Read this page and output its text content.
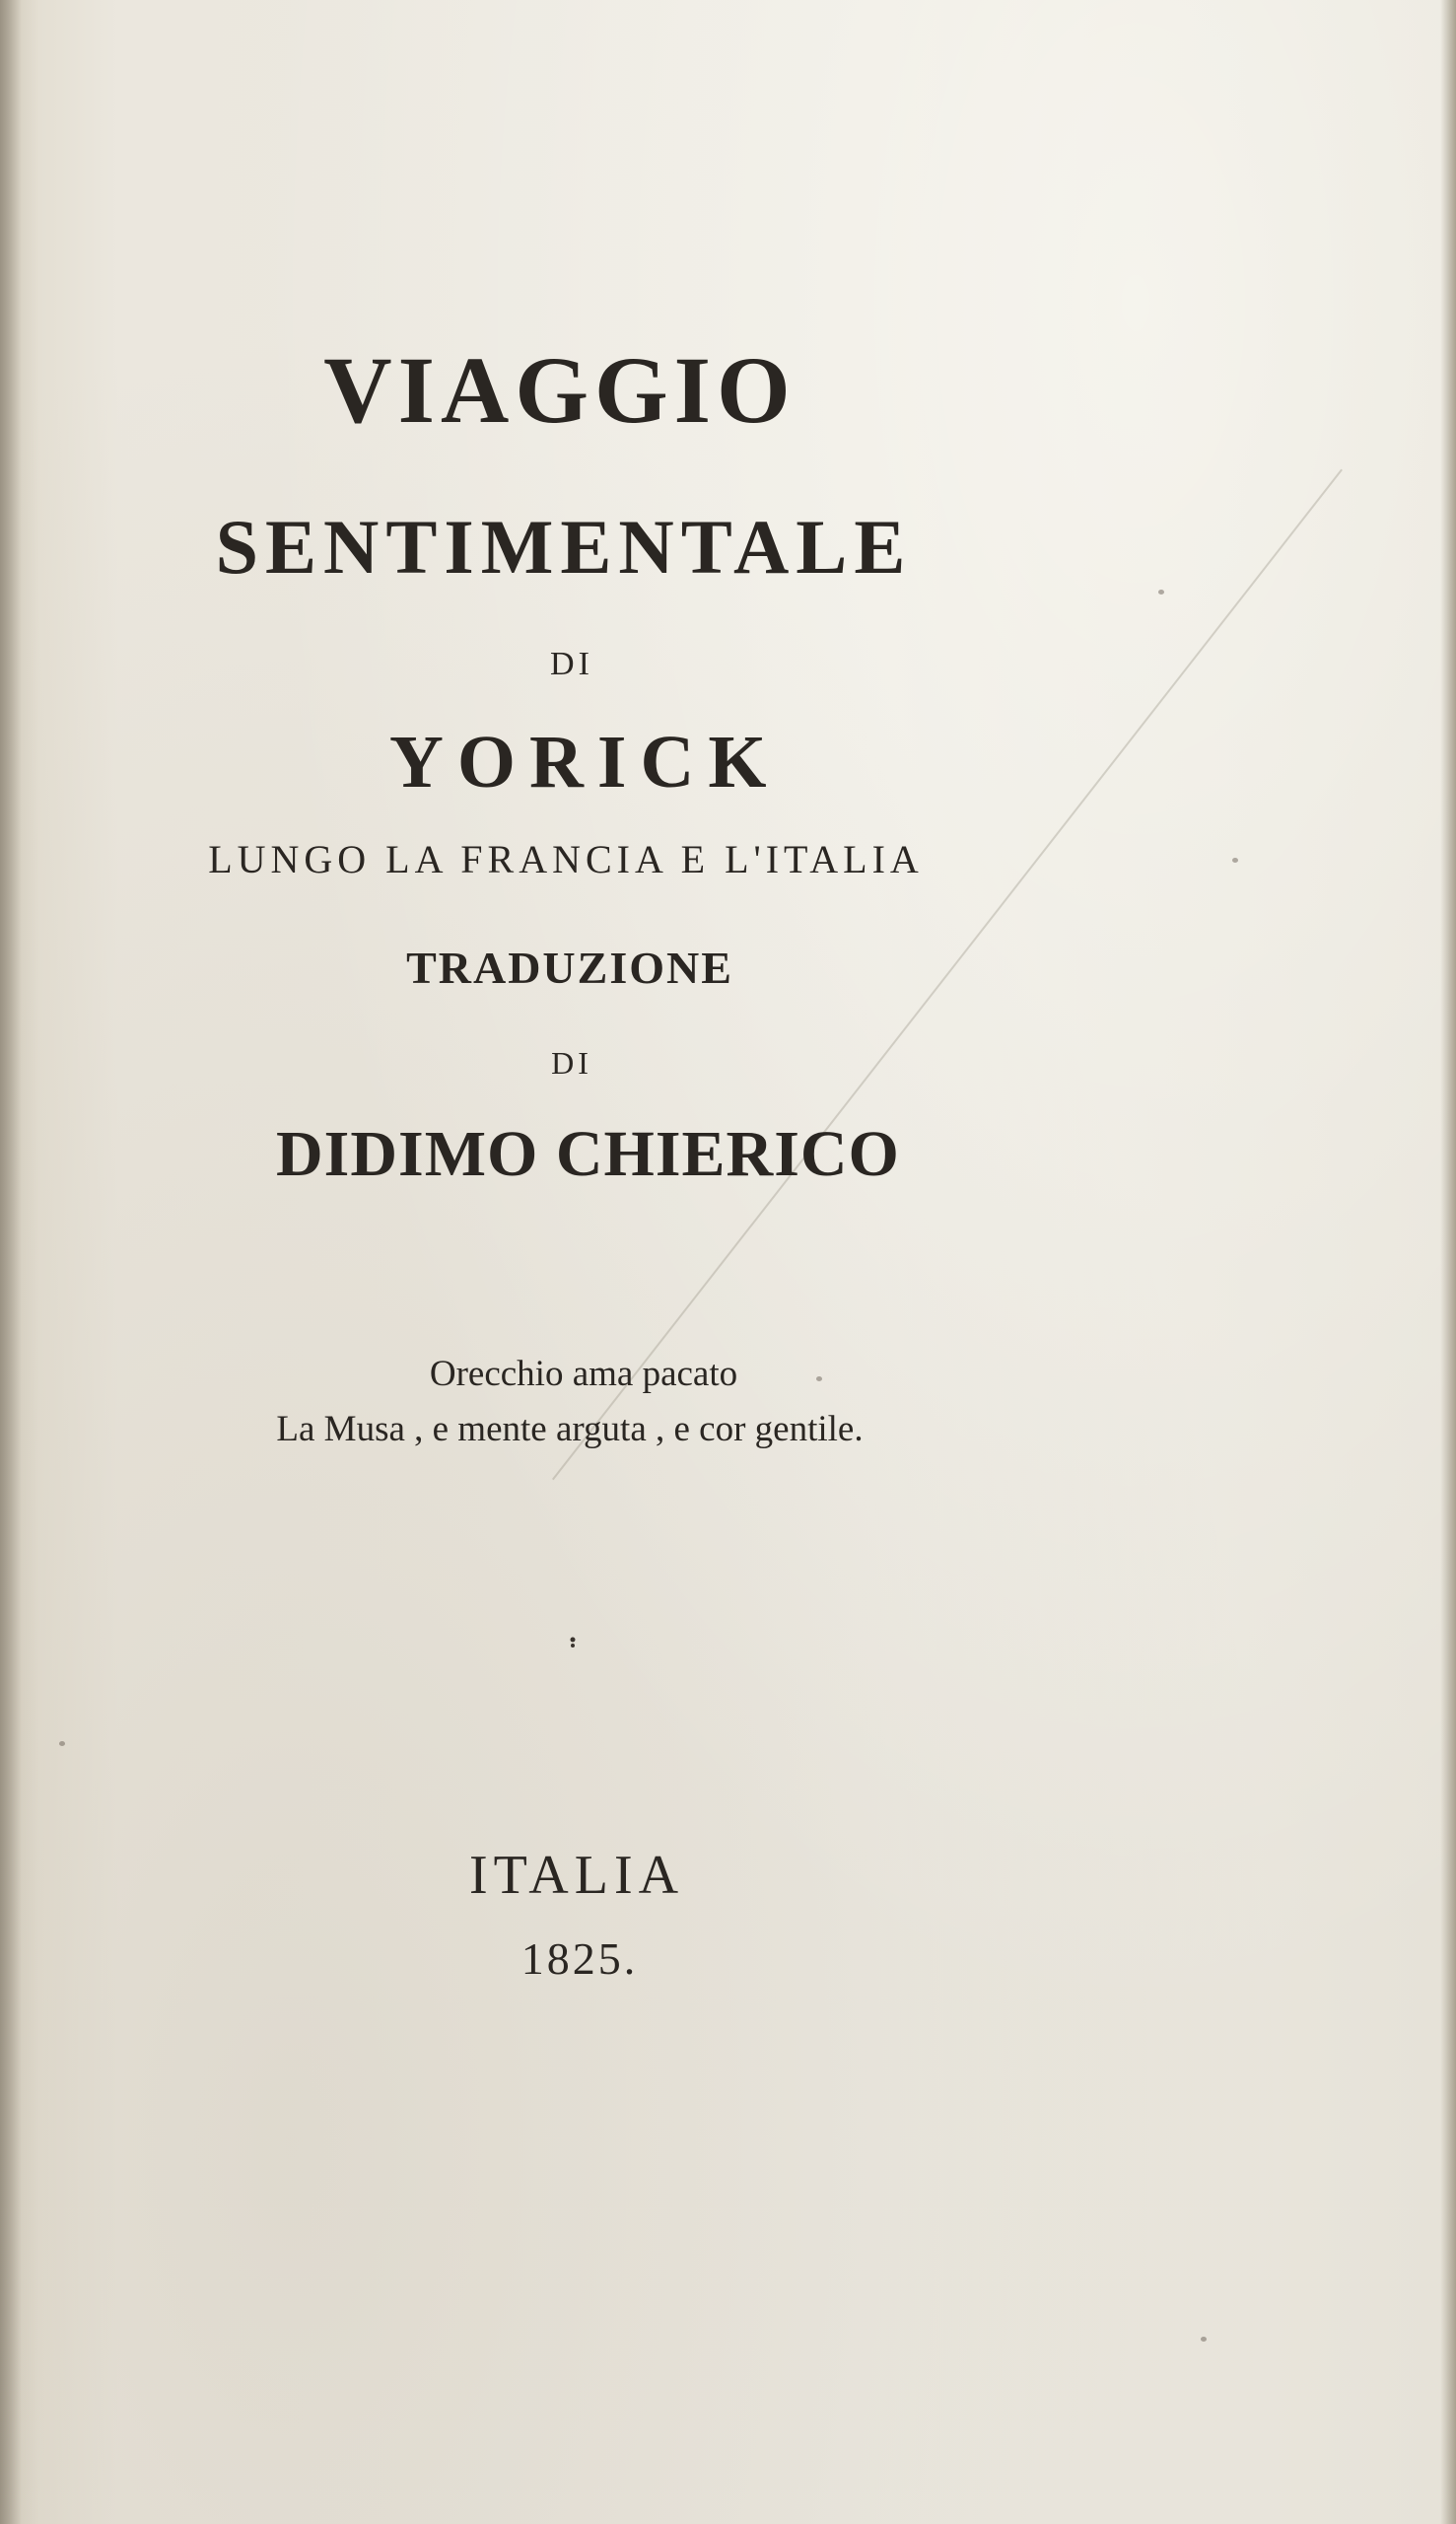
VIAGGIO
SENTIMENTALE
DI
YORICK
LUNGO LA FRANCIA E L'ITALIA
TRADUZIONE
DI
DIDIMO CHIERICO
Orecchio ama pacato
La Musa , e mente arguta , e cor gentile.
ITALIA
1825.
